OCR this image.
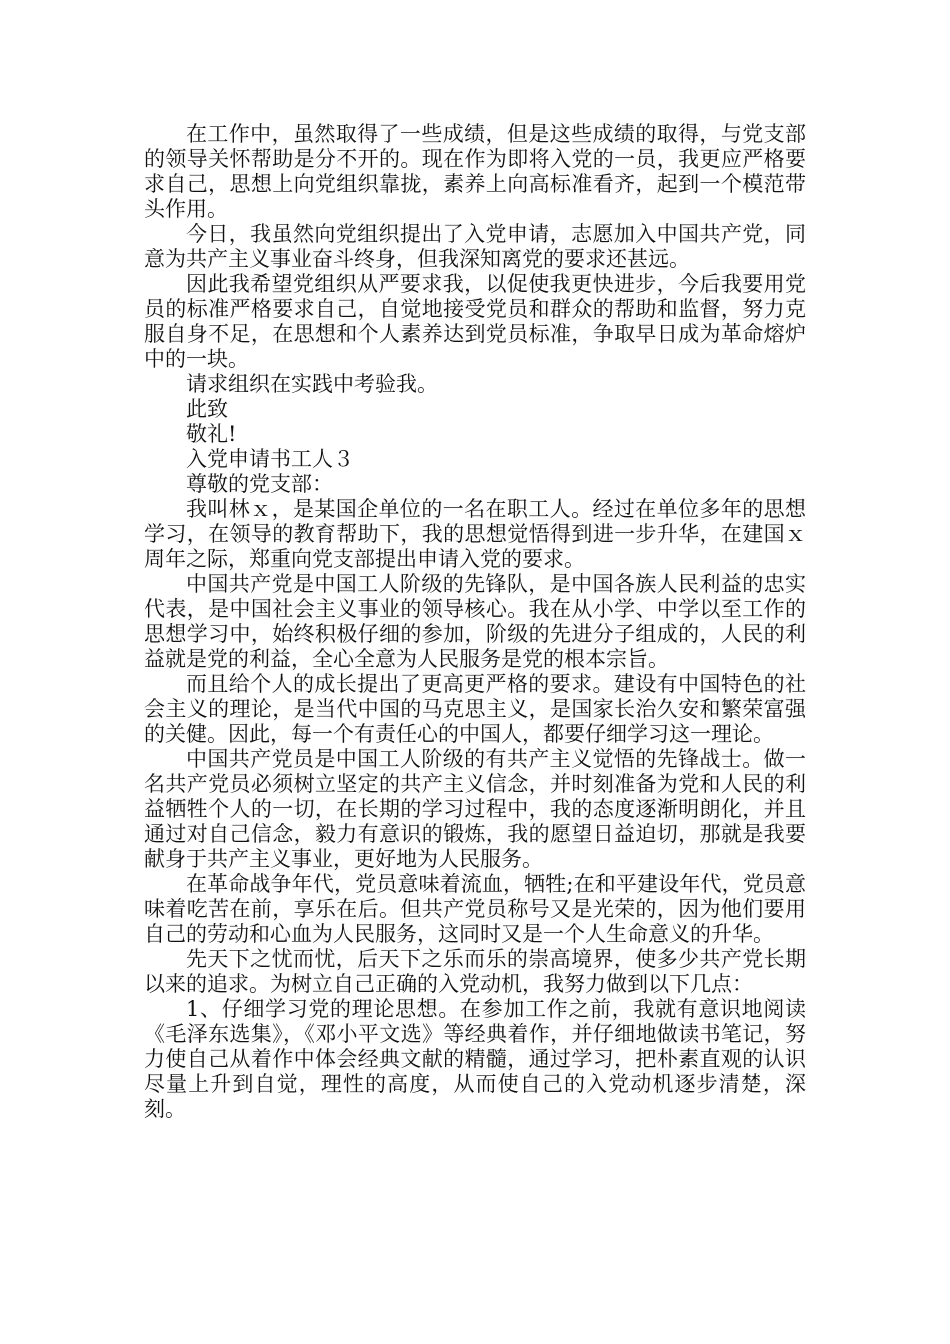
在工作中，虽然取得了一些成绩，但是这些成绩的取得，与党支部的领导关怀帮助是分不开的。现在作为即将入党的一员，我更应严格要求自己，思想上向党组织靠拢，素养上向高标准看齐，起到一个模范带头作用。

今日，我虽然向党组织提出了入党申请，志愿加入中国共产党，同意为共产主义事业奋斗终身，但我深知离党的要求还甚远。

因此我希望党组织从严要求我，以促使我更快进步，今后我要用党员的标准严格要求自己，自觉地接受党员和群众的帮助和监督，努力克服自身不足，在思想和个人素养达到党员标准，争取早日成为革命熔炉中的一块。

请求组织在实践中考验我。

此致

敬礼!

入党申请书工人３

尊敬的党支部：

我叫林ｘ，是某国企单位的一名在职工人。经过在单位多年的思想学习，在领导的教育帮助下，我的思想觉悟得到进一步升华，在建国ｘ周年之际，郑重向党支部提出申请入党的要求。

中国共产党是中国工人阶级的先锋队，是中国各族人民利益的忠实代表，是中国社会主义事业的领导核心。我在从小学、中学以至工作的思想学习中，始终积极仔细的参加，阶级的先进分子组成的，人民的利益就是党的利益，全心全意为人民服务是党的根本宗旨。

而且给个人的成长提出了更高更严格的要求。建设有中国特色的社会主义的理论，是当代中国的马克思主义，是国家长治久安和繁荣富强的关健。因此，每一个有责任心的中国人，都要仔细学习这一理论。

中国共产党员是中国工人阶级的有共产主义觉悟的先锋战士。做一名共产党员必须树立坚定的共产主义信念，并时刻准备为党和人民的利益牺牲个人的一切，在长期的学习过程中，我的态度逐渐明朗化，并且通过对自己信念，毅力有意识的锻炼，我的愿望日益迫切，那就是我要献身于共产主义事业，更好地为人民服务。

在革命战争年代，党员意味着流血，牺牲;在和平建设年代，党员意味着吃苦在前，享乐在后。但共产党员称号又是光荣的，因为他们要用自己的劳动和心血为人民服务，这同时又是一个人生命意义的升华。

先天下之忧而忧，后天下之乐而乐的崇高境界，使多少共产党长期以来的追求。为树立自己正确的入党动机，我努力做到以下几点：

1、仔细学习党的理论思想。在参加工作之前，我就有意识地阅读《毛泽东选集》，《邓小平文选》等经典着作，并仔细地做读书笔记，努力使自己从着作中体会经典文献的精髓，通过学习，把朴素直观的认识尽量上升到自觉，理性的高度，从而使自己的入党动机逐步清楚，深刻。
